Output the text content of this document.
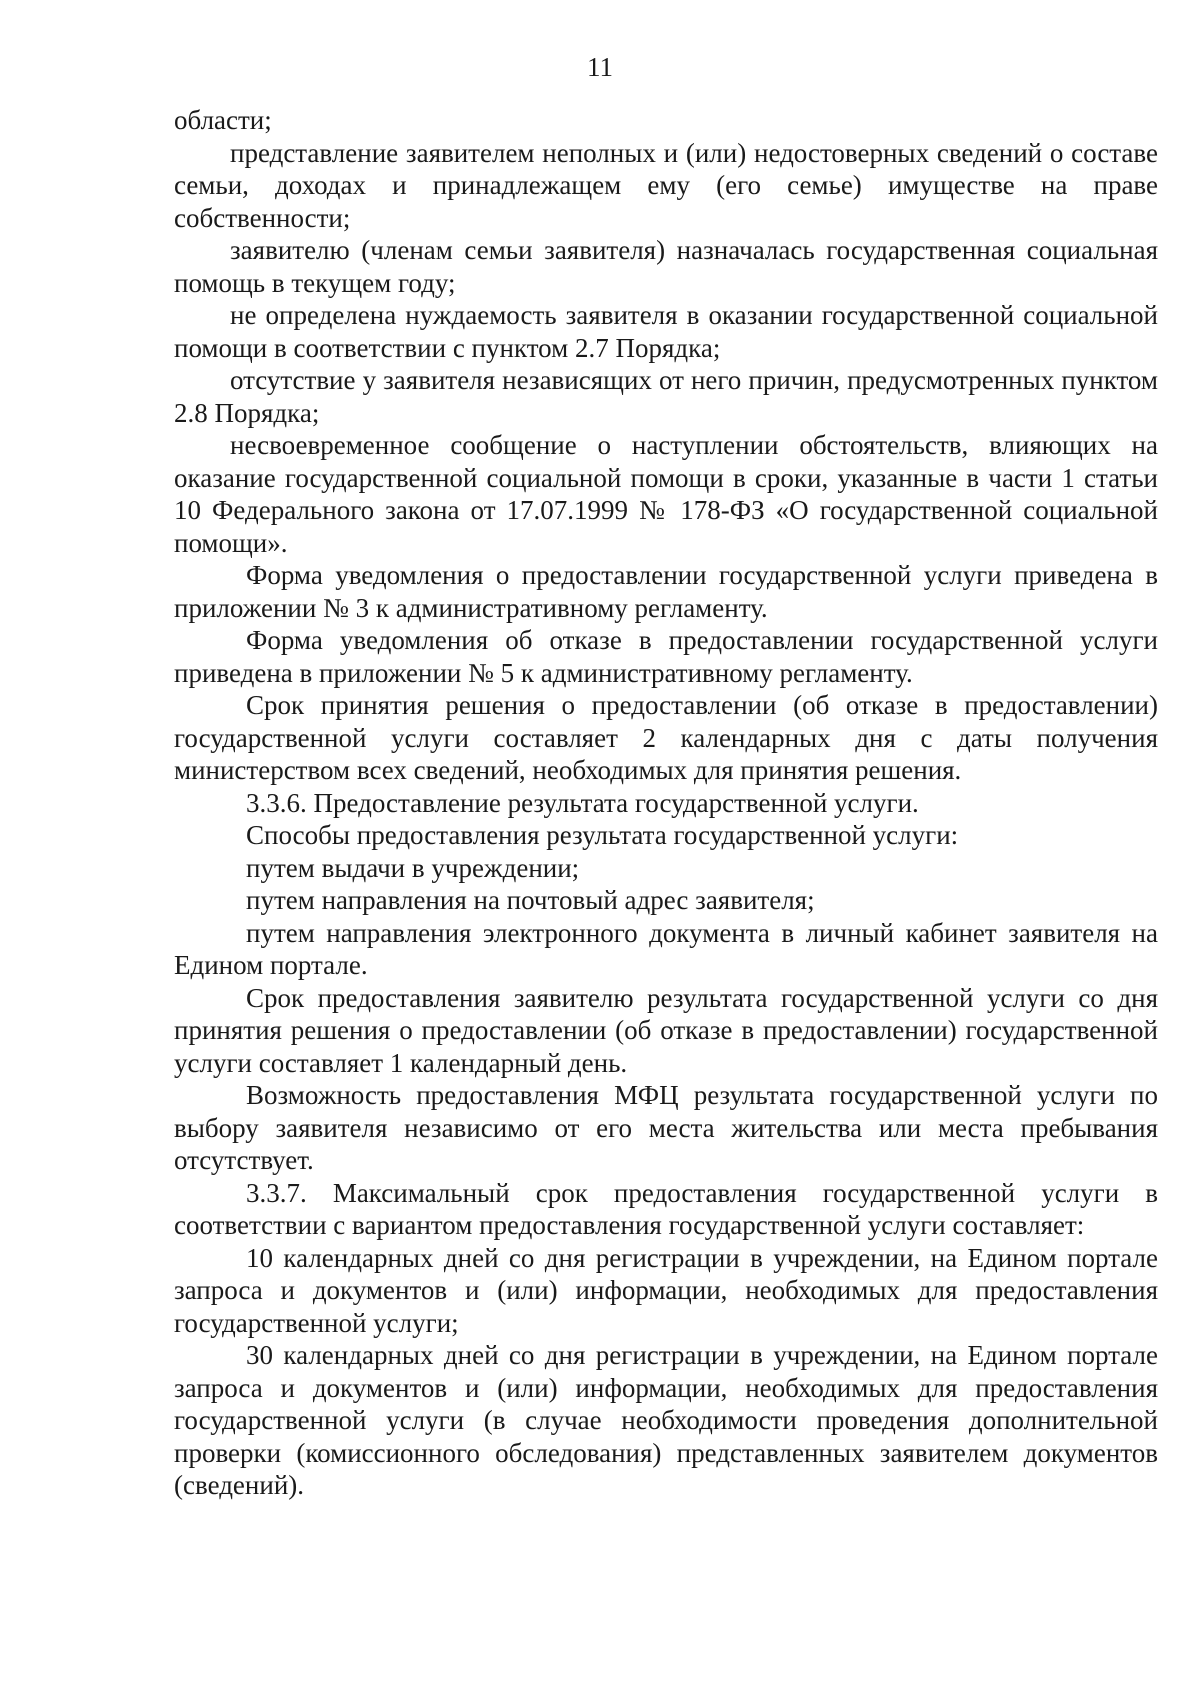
11

области;

представление заявителем неполных и (или) недостоверных сведений о составе семьи, доходах и принадлежащем ему (его семье) имуществе на праве собственности;

заявителю (членам семьи заявителя) назначалась государственная социальная помощь в текущем году;

не определена нуждаемость заявителя в оказании государственной социальной помощи в соответствии с пунктом 2.7 Порядка;

отсутствие у заявителя независящих от него причин, предусмотренных пунктом 2.8 Порядка;

несвоевременное сообщение о наступлении обстоятельств, влияющих на оказание государственной социальной помощи в сроки, указанные в части 1 статьи 10 Федерального закона от 17.07.1999 № 178-ФЗ «О государственной социальной помощи».

Форма уведомления о предоставлении государственной услуги приведена в приложении № 3 к административному регламенту.

Форма уведомления об отказе в предоставлении государственной услуги приведена в приложении № 5 к административному регламенту.

Срок принятия решения о предоставлении (об отказе в предоставлении) государственной услуги составляет 2 календарных дня с даты получения министерством всех сведений, необходимых для принятия решения.

3.3.6. Предоставление результата государственной услуги.

Способы предоставления результата государственной услуги:

путем выдачи в учреждении;

путем направления на почтовый адрес заявителя;

путем направления электронного документа в личный кабинет заявителя на Едином портале.

Срок предоставления заявителю результата государственной услуги со дня принятия решения о предоставлении (об отказе в предоставлении) государственной услуги составляет 1 календарный день.

Возможность предоставления МФЦ результата государственной услуги по выбору заявителя независимо от его места жительства или места пребывания отсутствует.

3.3.7. Максимальный срок предоставления государственной услуги в соответствии с вариантом предоставления государственной услуги составляет:

10 календарных дней со дня регистрации в учреждении, на Едином портале запроса и документов и (или) информации, необходимых для предоставления государственной услуги;

30 календарных дней со дня регистрации в учреждении, на Едином портале запроса и документов и (или) информации, необходимых для предоставления государственной услуги (в случае необходимости проведения дополнительной проверки (комиссионного обследования) представленных заявителем документов (сведений).
